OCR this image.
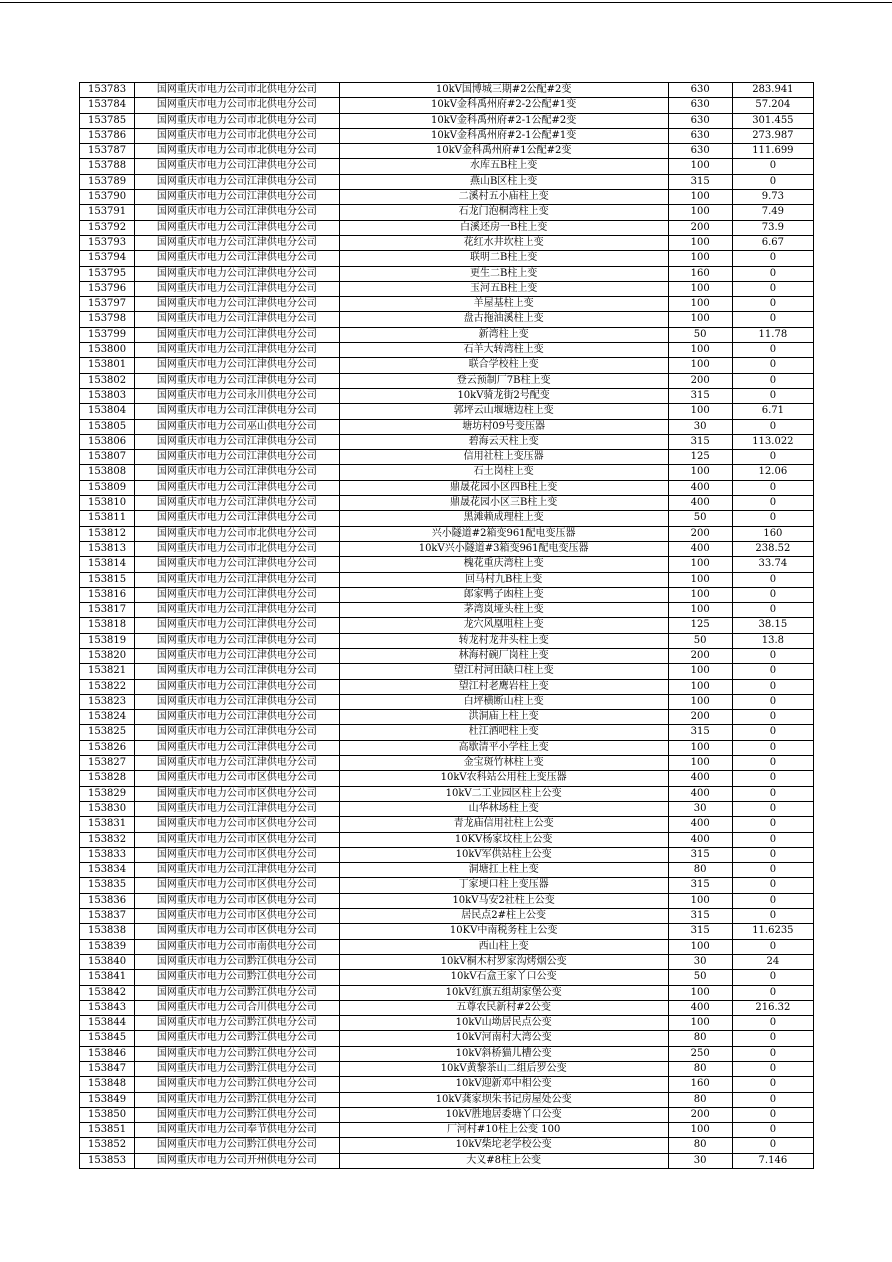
153783	国网重庆市电力公司市北供电分公司	10kV国博城三期#2公配#2变	630	283.941
153784	国网重庆市电力公司市北供电分公司	10kV金科禹州府#2-2公配#1变	630	57.204
153785	国网重庆市电力公司市北供电分公司	10kV金科禹州府#2-1公配#2变	630	301.455
153786	国网重庆市电力公司市北供电分公司	10kV金科禹州府#2-1公配#1变	630	273.987
153787	国网重庆市电力公司市北供电分公司	10kV金科禹州府#1公配#2变	630	111.699
153788	国网重庆市电力公司江津供电分公司	水库五B柱上变	100	0
153789	国网重庆市电力公司江津供电分公司	燕山B区柱上变	315	0
153790	国网重庆市电力公司江津供电分公司	二溪村五小庙柱上变	100	9.73
153791	国网重庆市电力公司江津供电分公司	石龙门泡桐湾柱上变	100	7.49
153792	国网重庆市电力公司江津供电分公司	白溪还房一B柱上变	200	73.9
153793	国网重庆市电力公司江津供电分公司	花红水井坎柱上变	100	6.67
153794	国网重庆市电力公司江津供电分公司	联明二B柱上变	100	0
153795	国网重庆市电力公司江津供电分公司	更生二B柱上变	160	0
153796	国网重庆市电力公司江津供电分公司	玉河五B柱上变	100	0
153797	国网重庆市电力公司江津供电分公司	羊屋基柱上变	100	0
153798	国网重庆市电力公司江津供电分公司	盘古拖油溪柱上变	100	0
153799	国网重庆市电力公司江津供电分公司	新湾柱上变	50	11.78
153800	国网重庆市电力公司江津供电分公司	石羊大转湾柱上变	100	0
153801	国网重庆市电力公司江津供电分公司	联合学校柱上变	100	0
153802	国网重庆市电力公司江津供电分公司	登云预制厂7B柱上变	200	0
153803	国网重庆市电力公司永川供电分公司	10kV骑龙街2号配变	315	0
153804	国网重庆市电力公司江津供电分公司	郭坪云山堰塘边柱上变	100	6.71
153805	国网重庆市电力公司巫山供电分公司	塘坊村09号变压器	30	0
153806	国网重庆市电力公司江津供电分公司	碧海云天柱上变	315	113.022
153807	国网重庆市电力公司江津供电分公司	信用社柱上变压器	125	0
153808	国网重庆市电力公司江津供电分公司	石土岗柱上变	100	12.06
153809	国网重庆市电力公司江津供电分公司	鼎晟花园小区四B柱上变	400	0
153810	国网重庆市电力公司江津供电分公司	鼎晟花园小区三B柱上变	400	0
153811	国网重庆市电力公司江津供电分公司	黑滩赖成理柱上变	50	0
153812	国网重庆市电力公司市北供电分公司	兴小隧道#2箱变961配电变压器	200	160
153813	国网重庆市电力公司市北供电分公司	10kV兴小隧道#3箱变961配电变压器	400	238.52
153814	国网重庆市电力公司江津供电分公司	槐花重庆湾柱上变	100	33.74
153815	国网重庆市电力公司江津供电分公司	回马村九B柱上变	100	0
153816	国网重庆市电力公司江津供电分公司	郎家鸭子凼柱上变	100	0
153817	国网重庆市电力公司江津供电分公司	茅湾岚垭头柱上变	100	0
153818	国网重庆市电力公司江津供电分公司	龙穴风凰咀柱上变	125	38.15
153819	国网重庆市电力公司江津供电分公司	转龙村龙井头柱上变	50	13.8
153820	国网重庆市电力公司江津供电分公司	林海村碗厂岗柱上变	200	0
153821	国网重庆市电力公司江津供电分公司	望江村河田缺口柱上变	100	0
153822	国网重庆市电力公司江津供电分公司	望江村老鹰岩柱上变	100	0
153823	国网重庆市电力公司江津供电分公司	白坪横断山柱上变	100	0
153824	国网重庆市电力公司江津供电分公司	洪洞庙上柱上变	200	0
153825	国网重庆市电力公司江津供电分公司	杜江酒吧柱上变	315	0
153826	国网重庆市电力公司江津供电分公司	高歇清平小学柱上变	100	0
153827	国网重庆市电力公司江津供电分公司	金宝斑竹林柱上变	100	0
153828	国网重庆市电力公司市区供电分公司	10kV农科站公用柱上变压器	400	0
153829	国网重庆市电力公司市区供电分公司	10kV二工业园区柱上公变	400	0
153830	国网重庆市电力公司江津供电分公司	山华林场柱上变	30	0
153831	国网重庆市电力公司市区供电分公司	青龙庙信用社柱上公变	400	0
153832	国网重庆市电力公司市区供电分公司	10KV杨家坟柱上公变	400	0
153833	国网重庆市电力公司市区供电分公司	10kV军供站柱上公变	315	0
153834	国网重庆市电力公司江津供电分公司	洞塘扛上柱上变	80	0
153835	国网重庆市电力公司市区供电分公司	丁家埂口柱上变压器	315	0
153836	国网重庆市电力公司市区供电分公司	10kV马安2社柱上公变	100	0
153837	国网重庆市电力公司市区供电分公司	居民点2#柱上公变	315	0
153838	国网重庆市电力公司市区供电分公司	10KV中南税务柱上公变	315	11.6235
153839	国网重庆市电力公司市南供电分公司	西山柱上变	100	0
153840	国网重庆市电力公司黔江供电分公司	10kV桐木村罗家沟烤烟公变	30	24
153841	国网重庆市电力公司黔江供电分公司	10kV石盒王家丫口公变	50	0
153842	国网重庆市电力公司黔江供电分公司	10kV红旗五组胡家堡公变	100	0
153843	国网重庆市电力公司合川供电分公司	五尊农民新村#2公变	400	216.32
153844	国网重庆市电力公司黔江供电分公司	10kV山坳居民点公变	100	0
153845	国网重庆市电力公司黔江供电分公司	10kV河南村大湾公变	80	0
153846	国网重庆市电力公司黔江供电分公司	10kV斜桥猫儿槽公变	250	0
153847	国网重庆市电力公司黔江供电分公司	10kV黄黎茶山二组后罗公变	80	0
153848	国网重庆市电力公司黔江供电分公司	10kV迎新邓中相公变	160	0
153849	国网重庆市电力公司黔江供电分公司	10kV龚家坝朱书记房屋处公变	80	0
153850	国网重庆市电力公司黔江供电分公司	10kV胜地居委塘丫口公变	200	0
153851	国网重庆市电力公司奉节供电分公司	厂河村#10柱上公变 100	100	0
153852	国网重庆市电力公司黔江供电分公司	10kV柴坨老学校公变	80	0
153853	国网重庆市电力公司开州供电分公司	大义#8柱上公变	30	7.146
